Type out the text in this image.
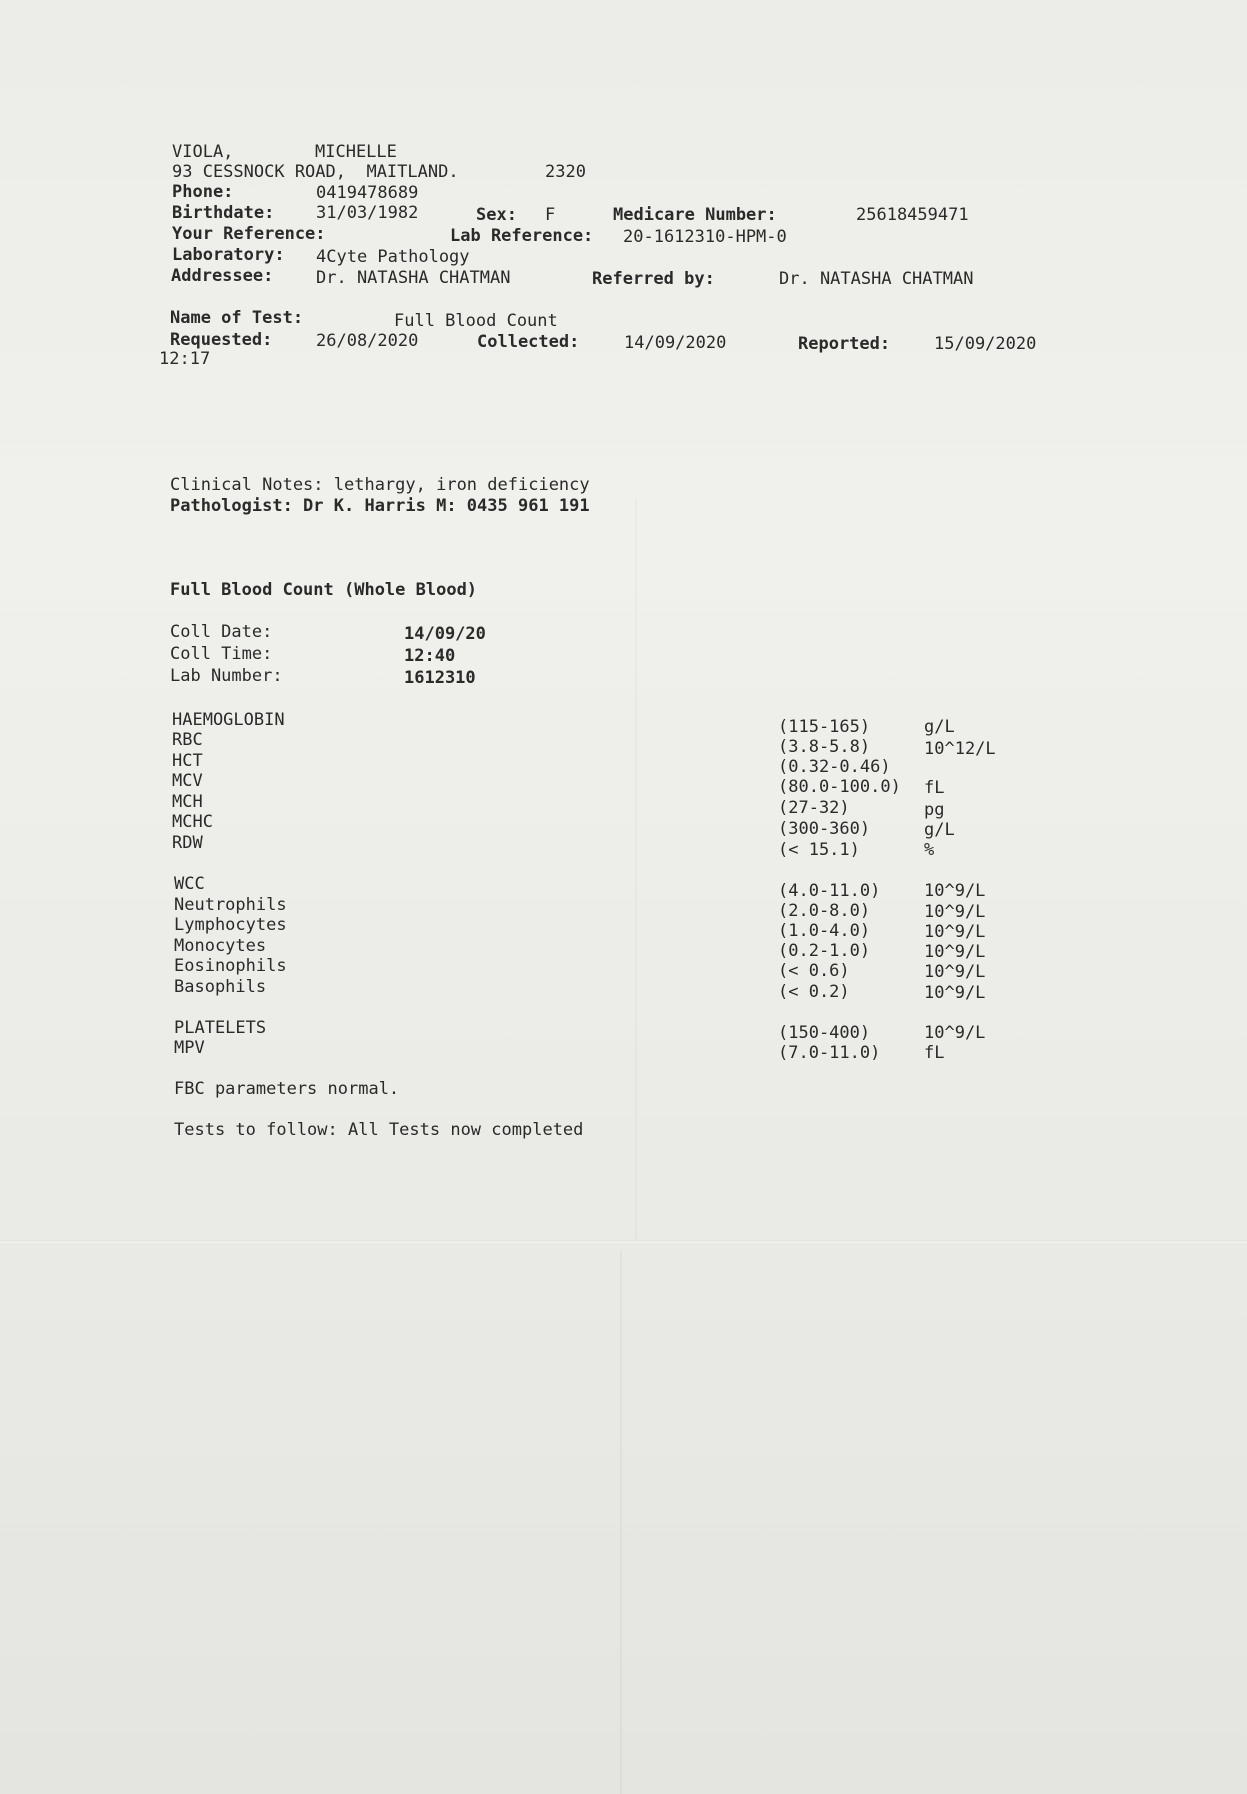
VIOLA,	MICHELLE
93 CESSNOCK ROAD,  MAITLAND.	2320
Phone:	0419478689
Birthdate: 31/03/1982	Sex: F	Medicare Number:	25618459471
Your Reference:	Lab Reference: 20-1612310-HPM-0
Laboratory: 4Cyte Pathology
Addressee:	Dr. NATASHA CHATMAN	Referred by:	Dr. NATASHA CHATMAN
Name of Test:	Full Blood Count
Requested:	26/08/2020	Collected:	14/09/2020	Reported:	15/09/2020
12:17
Clinical Notes: lethargy, iron deficiency
Pathologist: Dr K. Harris M: 0435 961 191
Full Blood Count (Whole Blood)
Coll Date:	14/09/20
Coll Time:	12:40
Lab Number:	1612310
HAEMOGLOBIN	(115-165)	g/L
RBC	(3.8-5.8)	10^12/L
HCT	(0.32-0.46)
MCV	(80.0-100.0) fL
MCH	(27-32)	pg
MCHC	(300-360)	g/L
RDW	(< 15.1)	%
WCC	(4.0-11.0)	10^9/L
Neutrophils	(2.0-8.0)	10^9/L
Lymphocytes	(1.0-4.0)	10^9/L
Monocytes	(0.2-1.0)	10^9/L
Eosinophils	(< 0.6)	10^9/L
Basophils	(< 0.2)	10^9/L
PLATELETS	(150-400)	10^9/L
MPV	(7.0-11.0)	fL
FBC parameters normal.
Tests to follow: All Tests now completed
